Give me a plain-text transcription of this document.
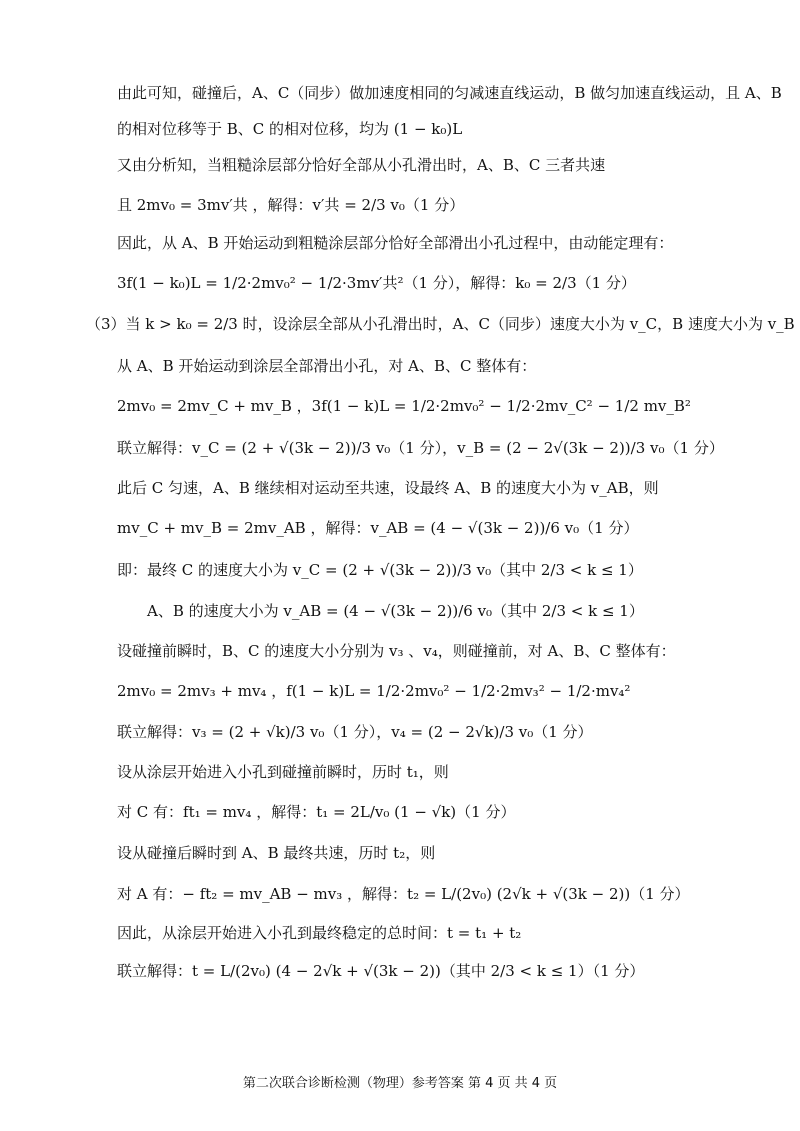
由此可知，碰撞后，A、C（同步）做加速度相同的匀减速直线运动，B 做匀加速直线运动，且 A、B
的相对位移等于 B、C 的相对位移，均为 (1 − k₀)L
又由分析知，当粗糙涂层部分恰好全部从小孔滑出时，A、B、C 三者共速
且 2mv₀ = 3mv′共 ，解得：v′共 = 2/3 v₀（1 分）
因此，从 A、B 开始运动到粗糙涂层部分恰好全部滑出小孔过程中，由动能定理有：
3f(1 − k₀)L = 1/2·2mv₀² − 1/2·3mv′共²（1 分），解得：k₀ = 2/3（1 分）
（3）当 k > k₀ = 2/3 时，设涂层全部从小孔滑出时，A、C（同步）速度大小为 v_C，B 速度大小为 v_B
从 A、B 开始运动到涂层全部滑出小孔，对 A、B、C 整体有：
2mv₀ = 2mv_C + mv_B ，3f(1 − k)L = 1/2·2mv₀² − 1/2·2mv_C² − 1/2 mv_B²
联立解得：v_C = (2 + √(3k − 2))/3 v₀（1 分），v_B = (2 − 2√(3k − 2))/3 v₀（1 分）
此后 C 匀速，A、B 继续相对运动至共速，设最终 A、B 的速度大小为 v_AB，则
mv_C + mv_B = 2mv_AB ，解得：v_AB = (4 − √(3k − 2))/6 v₀（1 分）
即：最终 C 的速度大小为 v_C = (2 + √(3k − 2))/3 v₀（其中 2/3 < k ≤ 1）
A、B 的速度大小为 v_AB = (4 − √(3k − 2))/6 v₀（其中 2/3 < k ≤ 1）
设碰撞前瞬时，B、C 的速度大小分别为 v₃ 、v₄，则碰撞前，对 A、B、C 整体有：
2mv₀ = 2mv₃ + mv₄ ，f(1 − k)L = 1/2·2mv₀² − 1/2·2mv₃² − 1/2·mv₄²
联立解得：v₃ = (2 + √k)/3 v₀（1 分），v₄ = (2 − 2√k)/3 v₀（1 分）
设从涂层开始进入小孔到碰撞前瞬时，历时 t₁，则
对 C 有：ft₁ = mv₄ ，解得：t₁ = 2L/v₀ (1 − √k)（1 分）
设从碰撞后瞬时到 A、B 最终共速，历时 t₂，则
对 A 有：− ft₂ = mv_AB − mv₃ ，解得：t₂ = L/(2v₀) (2√k + √(3k − 2))（1 分）
因此，从涂层开始进入小孔到最终稳定的总时间：t = t₁ + t₂
联立解得：t = L/(2v₀) (4 − 2√k + √(3k − 2))（其中 2/3 < k ≤ 1）（1 分）
第二次联合诊断检测（物理）参考答案 第 4 页 共 4 页
